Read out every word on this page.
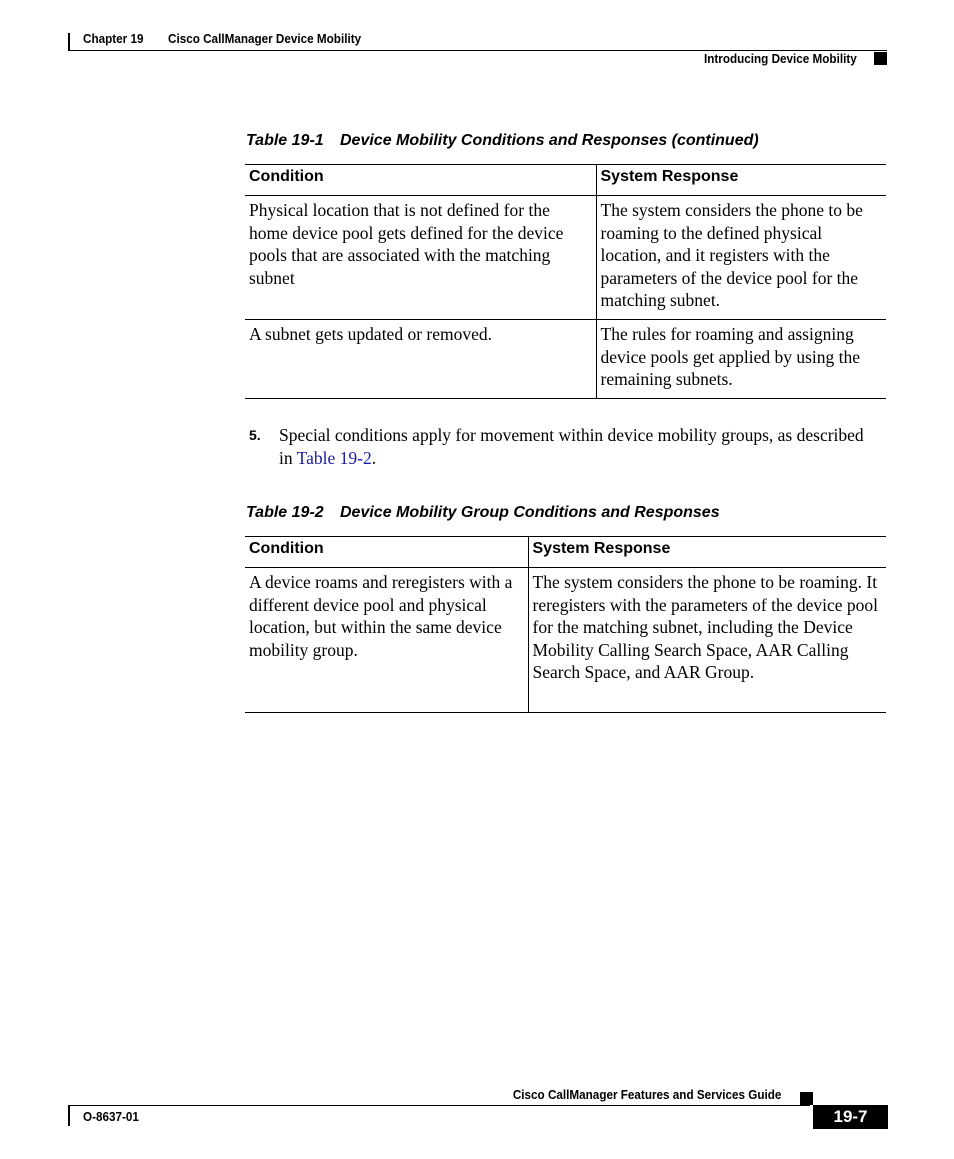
Chapter 19 Cisco CallManager Device Mobility
Introducing Device Mobility
Table 19-1 Device Mobility Conditions and Responses (continued)
Condition	System Response
Physical location that is not defined for the home device pool gets defined for the device pools that are associated with the matching subnet	The system considers the phone to be roaming to the defined physical location, and it registers with the parameters of the device pool for the matching subnet.
A subnet gets updated or removed.	The rules for roaming and assigning device pools get applied by using the remaining subnets.
5. Special conditions apply for movement within device mobility groups, as described in Table 19-2.
Table 19-2 Device Mobility Group Conditions and Responses
Condition	System Response
A device roams and reregisters with a different device pool and physical location, but within the same device mobility group.	The system considers the phone to be roaming. It reregisters with the parameters of the device pool for the matching subnet, including the Device Mobility Calling Search Space, AAR Calling Search Space, and AAR Group.
Cisco CallManager Features and Services Guide
O-8637-01	19-7
